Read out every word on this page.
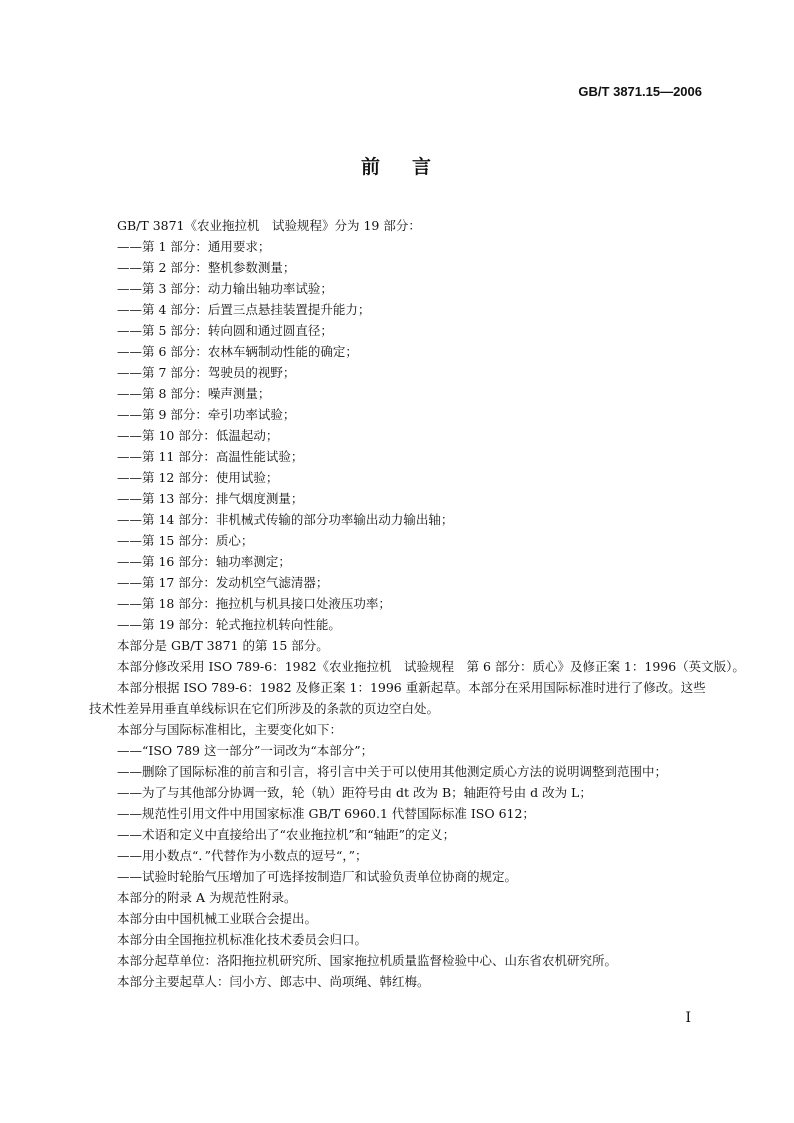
GB/T 3871.15—2006
前 言
GB/T 3871《农业拖拉机　试验规程》分为 19 部分：
——第 1 部分：通用要求；
——第 2 部分：整机参数测量；
——第 3 部分：动力输出轴功率试验；
——第 4 部分：后置三点悬挂装置提升能力；
——第 5 部分：转向圆和通过圆直径；
——第 6 部分：农林车辆制动性能的确定；
——第 7 部分：驾驶员的视野；
——第 8 部分：噪声测量；
——第 9 部分：牵引功率试验；
——第 10 部分：低温起动；
——第 11 部分：高温性能试验；
——第 12 部分：使用试验；
——第 13 部分：排气烟度测量；
——第 14 部分：非机械式传输的部分功率输出动力输出轴；
——第 15 部分：质心；
——第 16 部分：轴功率测定；
——第 17 部分：发动机空气滤清器；
——第 18 部分：拖拉机与机具接口处液压功率；
——第 19 部分：轮式拖拉机转向性能。
本部分是 GB/T 3871 的第 15 部分。
本部分修改采用 ISO 789-6：1982《农业拖拉机　试验规程　第 6 部分：质心》及修正案 1：1996（英文版）。
本部分根据 ISO 789-6：1982 及修正案 1：1996 重新起草。本部分在采用国际标准时进行了修改。这些技术性差异用垂直单线标识在它们所涉及的条款的页边空白处。
本部分与国际标准相比，主要变化如下：
——“ISO 789 这一部分”一词改为“本部分”；
——删除了国际标准的前言和引言，将引言中关于可以使用其他测定质心方法的说明调整到范围中；
——为了与其他部分协调一致，轮（轨）距符号由 dt 改为 B；轴距符号由 d 改为 L；
——规范性引用文件中用国家标准 GB/T 6960.1 代替国际标准 ISO 612；
——术语和定义中直接给出了“农业拖拉机”和“轴距”的定义；
——用小数点“．”代替作为小数点的逗号“，”；
——试验时轮胎气压增加了可选择按制造厂和试验负责单位协商的规定。
本部分的附录 A 为规范性附录。
本部分由中国机械工业联合会提出。
本部分由全国拖拉机标准化技术委员会归口。
本部分起草单位：洛阳拖拉机研究所、国家拖拉机质量监督检验中心、山东省农机研究所。
本部分主要起草人：闫小方、郎志中、尚项绳、韩红梅。
I
